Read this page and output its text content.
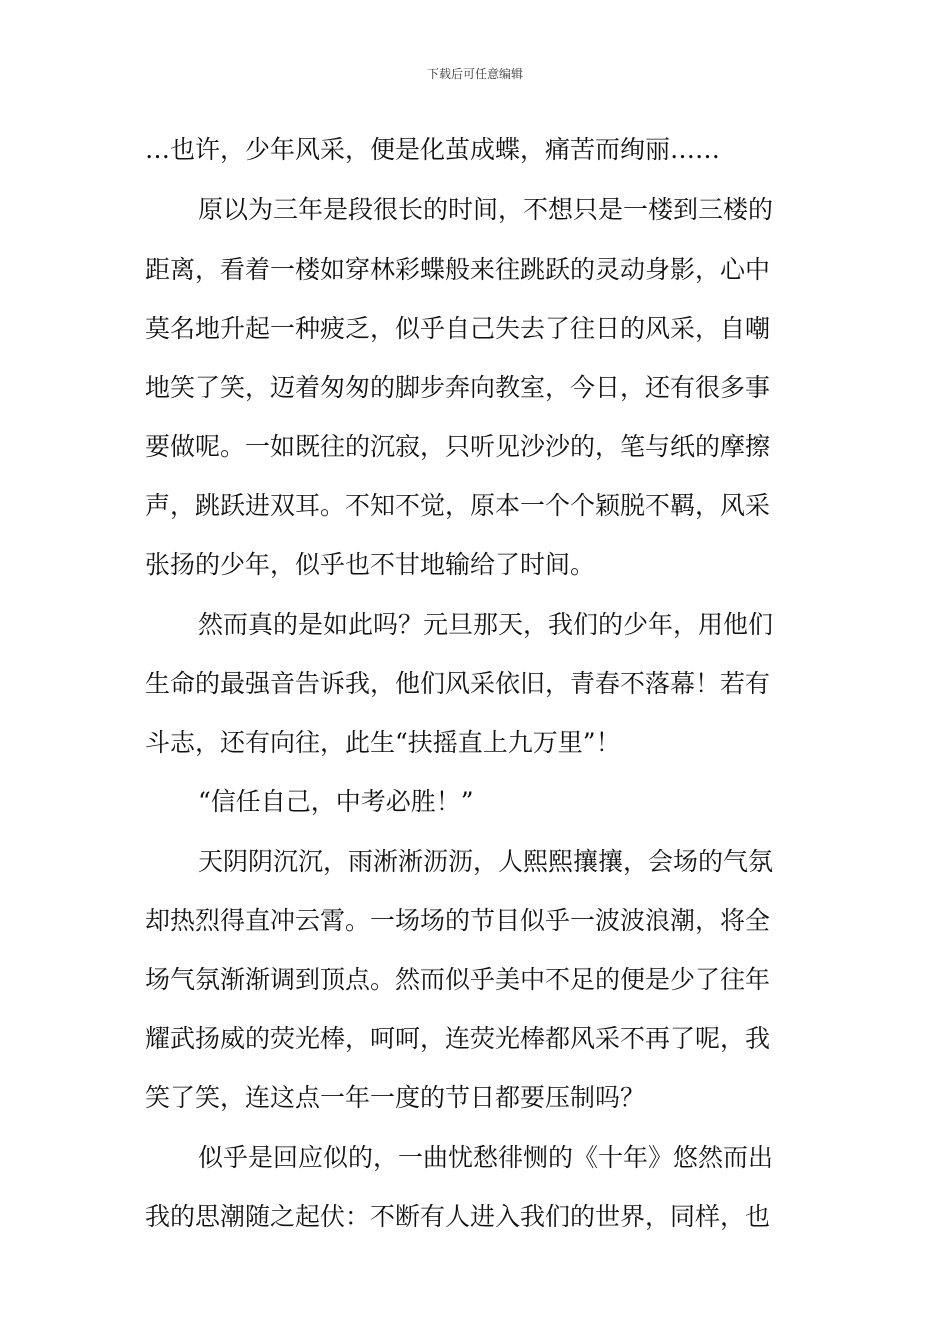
下载后可任意编辑
…也许，少年风采，便是化茧成蝶，痛苦而绚丽……
原以为三年是段很长的时间，不想只是一楼到三楼的
距离，看着一楼如穿林彩蝶般来往跳跃的灵动身影，心中
莫名地升起一种疲乏，似乎自己失去了往日的风采，自嘲
地笑了笑，迈着匆匆的脚步奔向教室，今日，还有很多事
要做呢。一如既往的沉寂，只听见沙沙的，笔与纸的摩擦
声，跳跃进双耳。不知不觉，原本一个个颖脱不羁，风采
张扬的少年，似乎也不甘地输给了时间。
然而真的是如此吗？元旦那天，我们的少年，用他们
生命的最强音告诉我，他们风采依旧，青春不落幕！若有
斗志，还有向往，此生“扶摇直上九万里”！
“信任自己，中考必胜！”
天阴阴沉沉，雨淅淅沥沥，人熙熙攘攘，会场的气氛
却热烈得直冲云霄。一场场的节目似乎一波波浪潮，将全
场气氛渐渐调到顶点。然而似乎美中不足的便是少了往年
耀武扬威的荧光棒，呵呵，连荧光棒都风采不再了呢，我
笑了笑，连这点一年一度的节日都要压制吗？
似乎是回应似的，一曲忧愁徘恻的《十年》悠然而出
我的思潮随之起伏：不断有人进入我们的世界，同样，也
